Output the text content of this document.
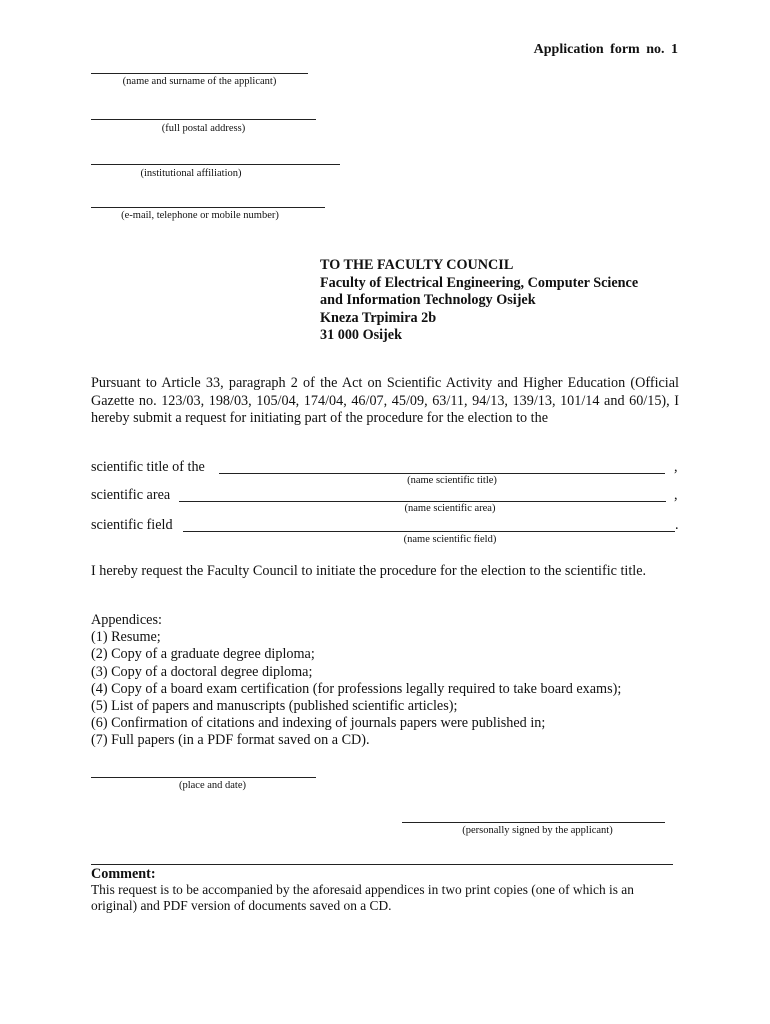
Application form no. 1
(name and surname of the applicant)
(full postal address)
(institutional affiliation)
(e-mail, telephone or mobile number)
TO THE FACULTY COUNCIL
Faculty of Electrical Engineering, Computer Science
and Information Technology Osijek
Kneza Trpimira 2b
31 000 Osijek
Pursuant to Article 33, paragraph 2 of the Act on Scientific Activity and Higher Education (Official Gazette no. 123/03, 198/03, 105/04, 174/04, 46/07, 45/09, 63/11, 94/13, 139/13, 101/14 and 60/15), I hereby submit a request for initiating part of the procedure for the election to the
scientific title of the	,
(name scientific title)
scientific area	,
(name scientific area)
scientific field	.
(name scientific field)
I hereby request the Faculty Council to initiate the procedure for the election to the scientific title.
Appendices:
(1) Resume;
(2) Copy of a graduate degree diploma;
(3) Copy of a doctoral degree diploma;
(4) Copy of a board exam certification (for professions legally required to take board exams);
(5) List of papers and manuscripts (published scientific articles);
(6) Confirmation of citations and indexing of journals papers were published in;
(7) Full papers (in a PDF format saved on a CD).
(place and date)
(personally signed by the applicant)
Comment:
This request is to be accompanied by the aforesaid appendices in two print copies (one of which is an original) and PDF version of documents saved on a CD.
